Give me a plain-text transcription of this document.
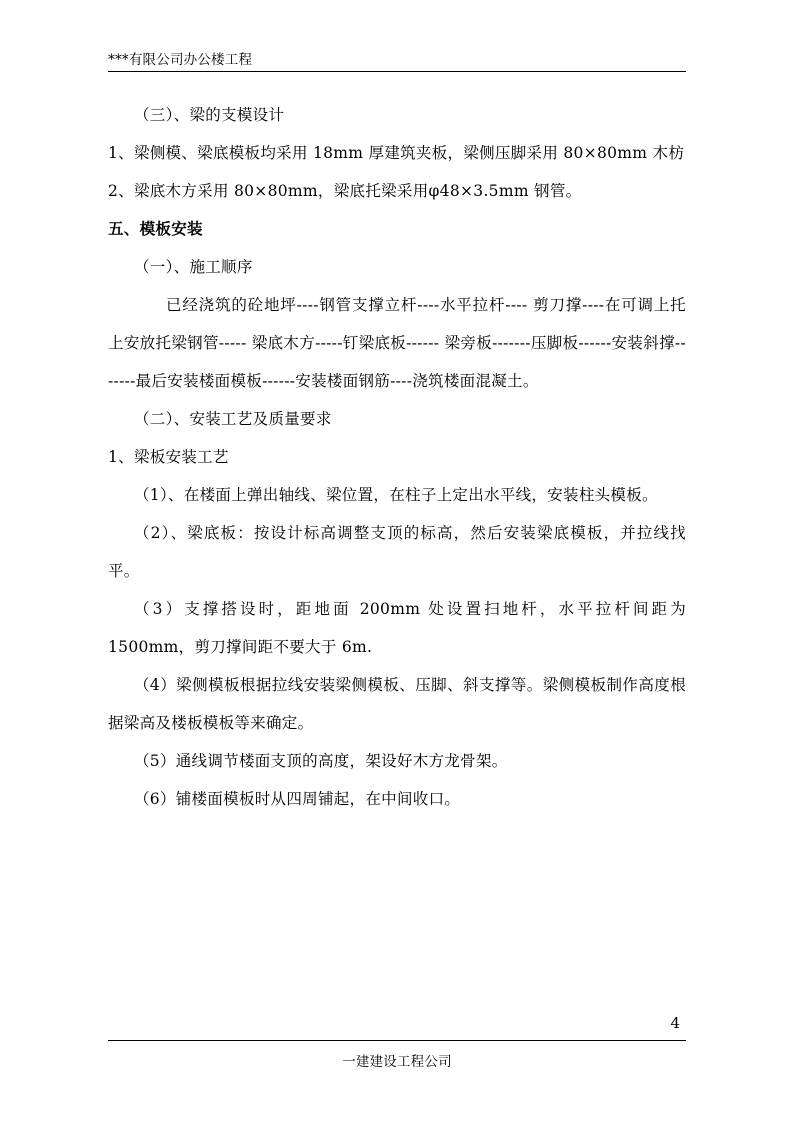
***有限公司办公楼工程

（三）、梁的支模设计

1、梁侧模、梁底模板均采用 18mm 厚建筑夹板，梁侧压脚采用 80×80mm 木枋

2、梁底木方采用 80×80mm，梁底托梁采用φ48×3.5mm 钢管。

五、模板安装

（一）、施工顺序

已经浇筑的砼地坪----钢管支撑立杆----水平拉杆---- 剪刀撑----在可调上托上安放托梁钢管----- 梁底木方-----钉梁底板------ 梁旁板-------压脚板------安装斜撑-------最后安装楼面模板------安装楼面钢筋----浇筑楼面混凝土。

（二）、安装工艺及质量要求

1、梁板安装工艺

（1）、在楼面上弹出轴线、梁位置，在柱子上定出水平线，安装柱头模板。

（2）、梁底板：按设计标高调整支顶的标高，然后安装梁底模板，并拉线找平。

（3）支撑搭设时，距地面 200mm 处设置扫地杆，水平拉杆间距为 1500mm，剪刀撑间距不要大于 6m.

（4）梁侧模板根据拉线安装梁侧模板、压脚、斜支撑等。梁侧模板制作高度根据梁高及楼板模板等来确定。

（5）通线调节楼面支顶的高度，架设好木方龙骨架。

（6）铺楼面模板时从四周铺起，在中间收口。

4
一建建设工程公司
